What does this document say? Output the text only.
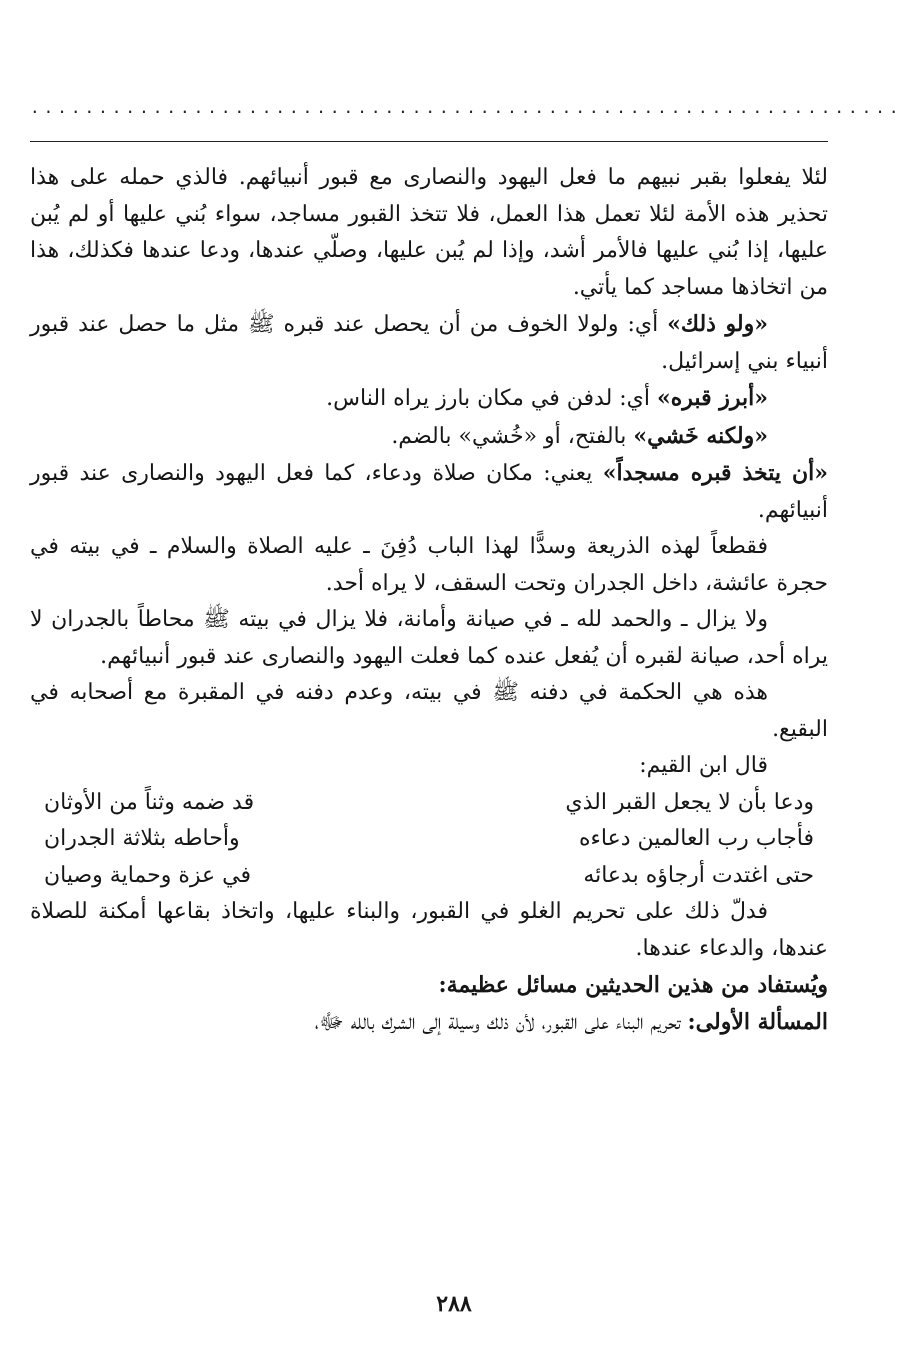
................................................................

لئلا يفعلوا بقبر نبيهم ما فعل اليهود والنصارى مع قبور أنبيائهم. فالذي حمله على هذا تحذير هذه الأمة لئلا تعمل هذا العمل، فلا تتخذ القبور مساجد، سواء بُني عليها أو لم يُبن عليها، إذا بُني عليها فالأمر أشد، وإذا لم يُبن عليها، وصلّي عندها، ودعا عندها فكذلك، هذا من اتخاذها مساجد كما يأتي.

«ولو ذلك» أي: ولولا الخوف من أن يحصل عند قبره ﷺ مثل ما حصل عند قبور أنبياء بني إسرائيل.

«أبرز قبره» أي: لدفن في مكان بارز يراه الناس.

«ولكنه خَشي» بالفتح، أو «خُشي» بالضم.

«أن يتخذ قبره مسجداً» يعني: مكان صلاة ودعاء، كما فعل اليهود والنصارى عند قبور أنبيائهم.

فقطعاً لهذه الذريعة وسدًّا لهذا الباب دُفِنَ ـ عليه الصلاة والسلام ـ في بيته في حجرة عائشة، داخل الجدران وتحت السقف، لا يراه أحد.

ولا يزال ـ والحمد لله ـ في صيانة وأمانة، فلا يزال في بيته ﷺ محاطاً بالجدران لا يراه أحد، صيانة لقبره أن يُفعل عنده كما فعلت اليهود والنصارى عند قبور أنبيائهم.

هذه هي الحكمة في دفنه ﷺ في بيته، وعدم دفنه في المقبرة مع أصحابه في البقيع.

قال ابن القيم:

ودعا بأن لا يجعل القبر الذي
قد ضمه وثناً من الأوثان
فأجاب رب العالمين دعاءه
وأحاطه بثلاثة الجدران
حتى اغتدت أرجاؤه بدعائه
في عزة وحماية وصيان

فدلّ ذلك على تحريم الغلو في القبور، والبناء عليها، واتخاذ بقاعها أمكنة للصلاة عندها، والدعاء عندها.

ويُستفاد من هذين الحديثين مسائل عظيمة:

المسألة الأولى: تحريم البناء على القبور، لأن ذلك وسيلة إلى الشرك بالله ﷻ،

٢٨٨
